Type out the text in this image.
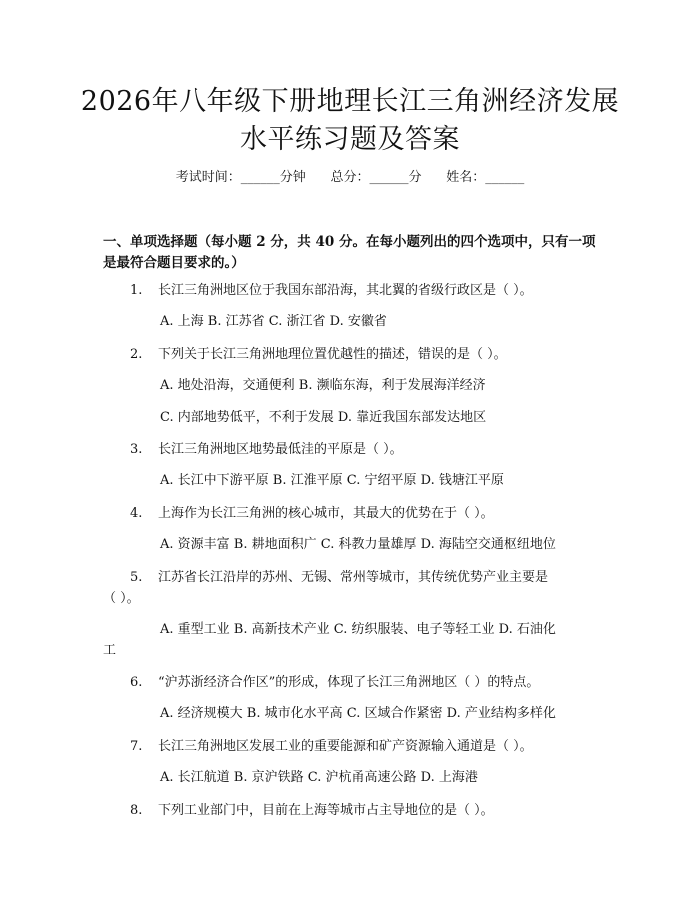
2026年八年级下册地理长江三角洲经济发展
水平练习题及答案
考试时间：______分钟      总分：______分      姓名：______
一、单项选择题（每小题 2 分，共 40 分。在每小题列出的四个选项中，只有一项
是最符合题目要求的。）
1. 长江三角洲地区位于我国东部沿海，其北翼的省级行政区是（ ）。
A. 上海 B. 江苏省 C. 浙江省 D. 安徽省
2. 下列关于长江三角洲地理位置优越性的描述，错误的是（ ）。
A. 地处沿海，交通便利 B. 濒临东海，利于发展海洋经济
C. 内部地势低平，不利于发展 D. 靠近我国东部发达地区
3. 长江三角洲地区地势最低洼的平原是（ ）。
A. 长江中下游平原 B. 江淮平原 C. 宁绍平原 D. 钱塘江平原
4. 上海作为长江三角洲的核心城市，其最大的优势在于（ ）。
A. 资源丰富 B. 耕地面积广 C. 科教力量雄厚 D. 海陆空交通枢纽地位
5. 江苏省长江沿岸的苏州、无锡、常州等城市，其传统优势产业主要是
（ ）。
A. 重型工业 B. 高新技术产业 C. 纺织服装、电子等轻工业 D. 石油化
工
6. “沪苏浙经济合作区”的形成，体现了长江三角洲地区（ ）的特点。
A. 经济规模大 B. 城市化水平高 C. 区域合作紧密 D. 产业结构多样化
7. 长江三角洲地区发展工业的重要能源和矿产资源输入通道是（ ）。
A. 长江航道 B. 京沪铁路 C. 沪杭甬高速公路 D. 上海港
8. 下列工业部门中，目前在上海等城市占主导地位的是（ ）。
